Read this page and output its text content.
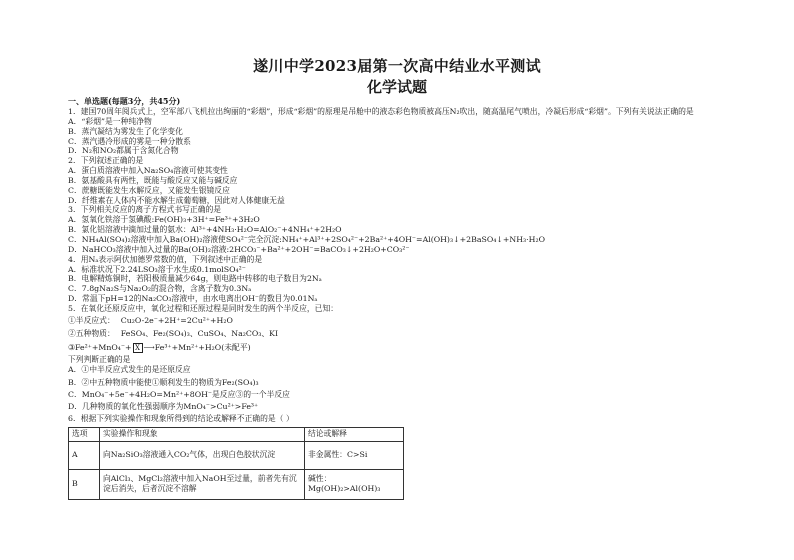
遂川中学2023届第一次高中结业水平测试
化学试题
一、单选题(每题3分，共45分)
1．建国70周年阅兵式上，空军部八飞机拉出绚丽的“彩烟”，形成“彩烟”的原理是吊舱中的液态彩色物质被高压N₂吹出，随高温尾气喷出，冷凝后形成“彩烟”。下列有关说法正确的是
A．“彩烟”是一种纯净物
B．蒸汽凝结为雾发生了化学变化
C．蒸汽遇冷形成的雾是一种分散系
D．N₂和NO₂都属于含氮化合物
2．下列叙述正确的是
A．蛋白质溶液中加入Na₂SO₄溶液可使其变性
B．氨基酸具有两性，既能与酸反应又能与碱反应
C．蔗糖既能发生水解反应，又能发生银镜反应
D．纤维素在人体内不能水解生成葡萄糖，因此对人体健康无益
3．下列相关反应的离子方程式书写正确的是
A．氢氧化铁溶于氢碘酸:Fe(OH)₃+3H⁺=Fe³⁺+3H₂O
B．氯化铝溶液中滴加过量的氨水：Al³⁺+4NH₃·H₂O=AlO₂⁻+4NH₄⁺+2H₂O
C．NH₄Al(SO₄)₂溶液中加入Ba(OH)₂溶液使SO₄²⁻完全沉淀:NH₄⁺+Al³⁺+2SO₄²⁻+2Ba²⁺+4OH⁻=Al(OH)₃↓+2BaSO₄↓+NH₃·H₂O
D．NaHCO₃溶液中加入过量的Ba(OH)₂溶液:2HCO₃⁻+Ba²⁺+2OH⁻=BaCO₃↓+2H₂O+CO₃²⁻
4．用Nₐ表示阿伏加德罗常数的值，下列叙述中正确的是
A．标准状况下2.24LSO₃溶于水生成0.1molSO₄²⁻
B．电解精炼铜时，若阳极质量减少64g，则电路中转移的电子数目为2Nₐ
C．7.8gNa₂S与Na₂O₂的混合物，含离子数为0.3Nₐ
D．常温下pH=12的Na₂CO₃溶液中，由水电离出OH⁻的数目为0.01Nₐ
5．在氧化还原反应中，氧化过程和还原过程是同时发生的两个半反应，已知：
①半反应式： Cu₂O-2e⁻+2H⁺=2Cu²⁺+H₂O
②五种物质： FeSO₄、Fe₂(SO₄)₃、CuSO₄、Na₂CO₃、KI
③Fe²⁺+MnO₄⁻+ X ⟶Fe³⁺+Mn²⁺+H₂O(未配平)
下列判断正确的是
A．①中半反应式发生的是还原反应
B．②中五种物质中能使①顺利发生的物质为Fe₂(SO₄)₃
C．MnO₄⁻+5e⁻+4H₂O=Mn²⁺+8OH⁻是反应③的一个半反应
D．几种物质的氧化性强弱顺序为MnO₄⁻>Cu²⁺>Fe³⁺
6．根据下列实验操作和现象所得到的结论或解释不正确的是（ ）
选项	实验操作和现象	结论或解释
A	向Na₂SiO₃溶液通入CO₂气体，出现白色胶状沉淀	非金属性：C>Si
B	向AlCl₃、MgCl₂溶液中加入NaOH至过量，前者先有沉淀后消失，后者沉淀不溶解	碱性：Mg(OH)₂>Al(OH)₃
